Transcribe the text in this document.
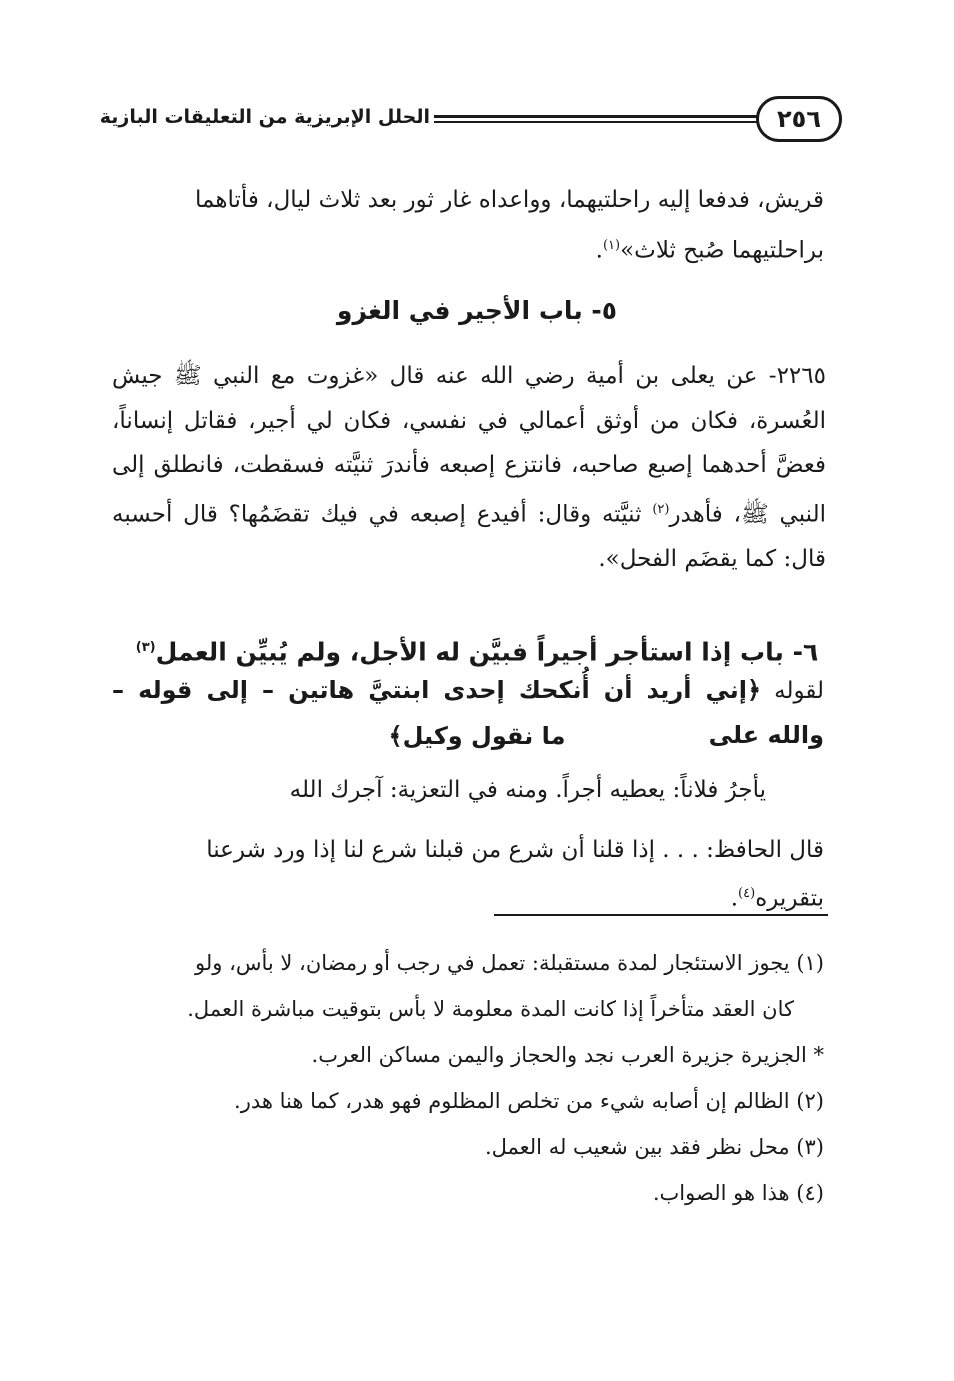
٢٥٦
الحلل الإبريزية من التعليقات البازية
قريش، فدفعا إليه راحلتيهما، وواعداه غار ثور بعد ثلاث ليال، فأتاهما
براحلتيهما صُبح ثلاث»$^{(١)}$.
٥- باب الأجير في الغزو
٢٢٦٥- عن يعلى بن أمية رضي الله عنه قال «غزوت مع النبي ﷺ جيش العُسرة، فكان من أوثق أعمالي في نفسي، فكان لي أجير، فقاتل إنساناً، فعضَّ أحدهما إصبع صاحبه، فانتزع إصبعه فأندرَ ثنيَّته فسقطت، فانطلق إلى النبي ﷺ، فأهدر$^{(٢)}$ ثنيَّته وقال: أفيدع إصبعه في فيك تقضَمُها؟ قال أحسبه قال: كما يقضَم الفحل».
٦- باب إذا استأجر أجيراً فبيَّن له الأجل، ولم يُبيِّن العمل$^{(٣)}$
لقوله ﴿إني أريد أن أُنكحك إحدى ابنتيَّ هاتين – إلى قوله – والله على
ما نقول وكيل﴾
يأجرُ فلاناً: يعطيه أجراً. ومنه في التعزية: آجرك الله
قال الحافظ: . . . إذا قلنا أن شرع من قبلنا شرع لنا إذا ورد شرعنا بتقريره$^{(٤)}$.
(١) يجوز الاستئجار لمدة مستقبلة: تعمل في رجب أو رمضان، لا بأس، ولو
كان العقد متأخراً إذا كانت المدة معلومة لا بأس بتوقيت مباشرة العمل.
* الجزيرة جزيرة العرب نجد والحجاز واليمن مساكن العرب.
(٢) الظالم إن أصابه شيء من تخلص المظلوم فهو هدر، كما هنا هدر.
(٣) محل نظر فقد بين شعيب له العمل.
(٤) هذا هو الصواب.
